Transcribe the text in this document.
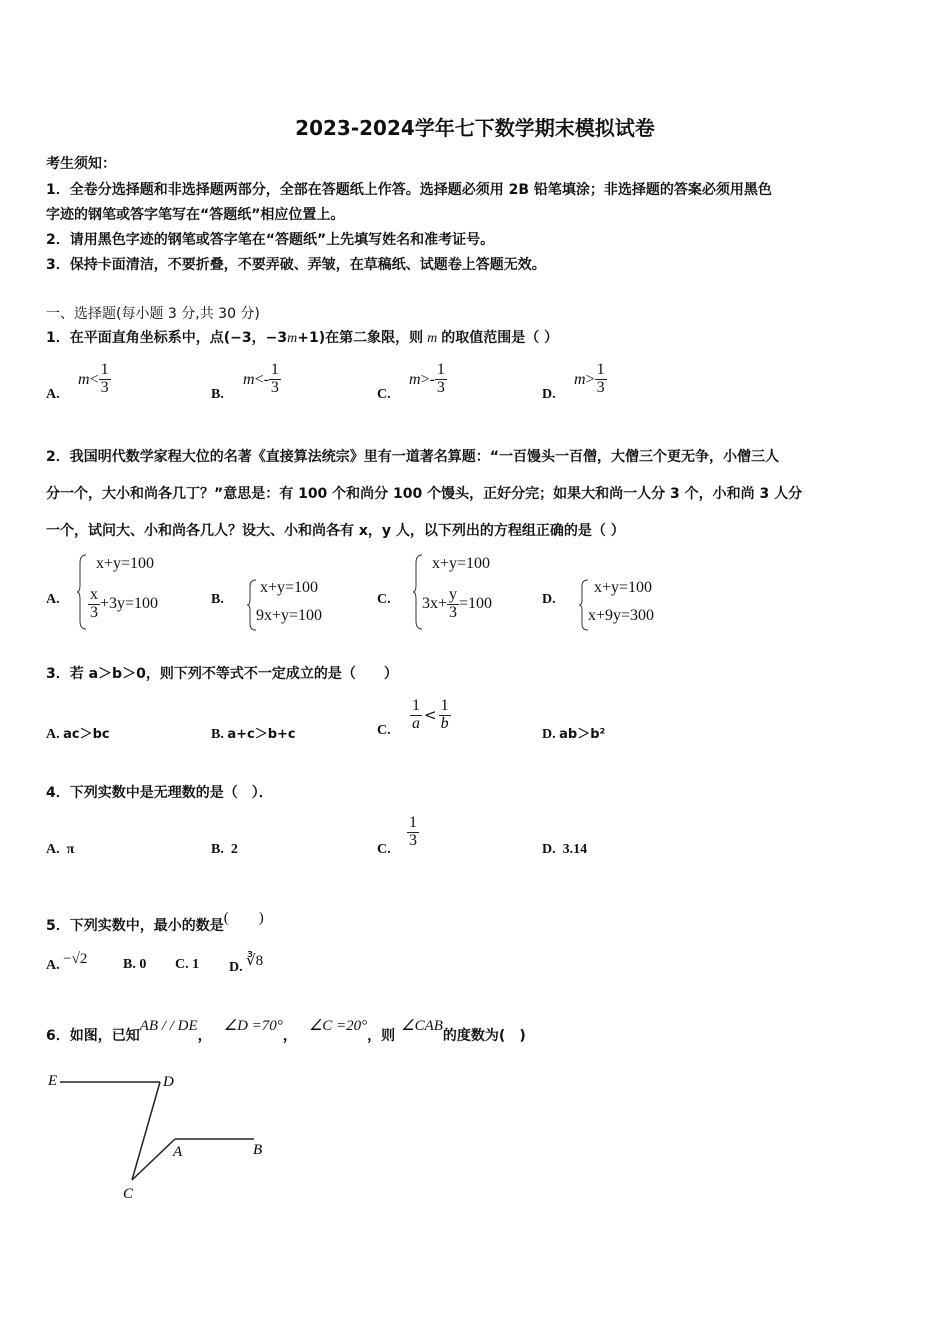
2023-2024学年七下数学期末模拟试卷
考生须知：
1．全卷分选择题和非选择题两部分，全部在答题纸上作答。选择题必须用 2B 铅笔填涂；非选择题的答案必须用黑色
字迹的钢笔或答字笔写在“答题纸”相应位置上。
2．请用黑色字迹的钢笔或答字笔在“答题纸”上先填写姓名和准考证号。
3．保持卡面清洁，不要折叠，不要弄破、弄皱，在草稿纸、试题卷上答题无效。
一、选择题(每小题 3 分,共 30 分)
1．在平面直角坐标系中，点(−3，−3m+1)在第二象限，则 m 的取值范围是（ ）
A.
$m< \frac{1}{3}$	B.
$m<- \frac{1}{3}$	C.
$m>- \frac{1}{3}$	D.
$m> \frac{1}{3}$
2．我国明代数学家程大位的名著《直接算法统宗》里有一道著名算题：“一百馒头一百僧，大僧三个更无争，小僧三人
分一个，大小和尚各几丁？”意思是：有 100 个和尚分 100 个馒头，正好分完；如果大和尚一人分 3 个，小和尚 3 人分
一个，试问大、小和尚各几人？设大、小和尚各有 x，y 人，以下列出的方程组正确的是（ ）
A.
x+y=100
$\frac{x}{3} +3y=100$	B.
x+y=100
9x+y=100
C.
x+y=100
$3x+ \frac{y}{3} =100$	D.
x+y=100
x+9y=300
3．若 a＞b＞0，则下列不等式不一定成立的是（　　）
A. ac＞bc	B. a+c＞b+c	C. $\frac{1}{a} < \frac{1}{b}$
D. ab＞b²
4．下列实数中是无理数的是（　）．
A. π	B. 2	C. $\frac{1}{3}$	D. 3.14
5．下列实数中，最小的数是(　　)
A. −√2	B. 0 C. 1 D. ∛8
6．如图，已知AB / / DE，∠D =70°，∠C =20°，则∠CAB的度数为(　)
E	D
A	B
C
